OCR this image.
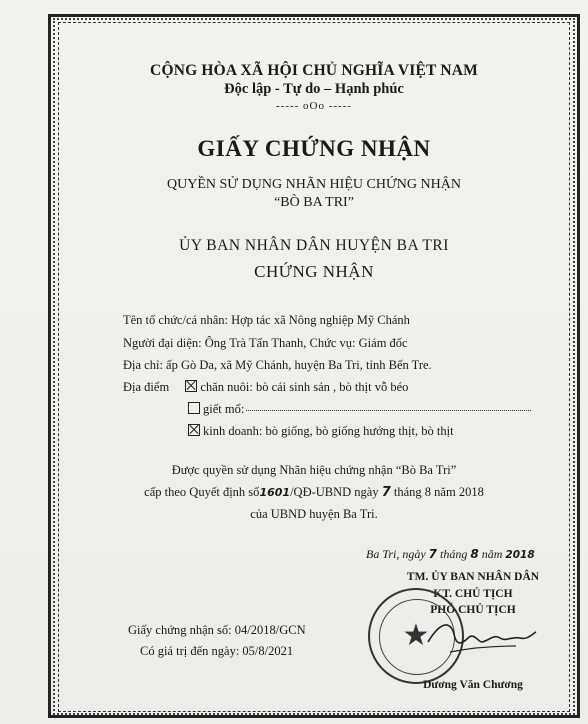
CỘNG HÒA XÃ HỘI CHỦ NGHĨA VIỆT NAM
Độc lập - Tự do – Hạnh phúc
----- oOo -----
GIẤY CHỨNG NHẬN
QUYỀN SỬ DỤNG NHÃN HIỆU CHỨNG NHẬN
“BÒ BA TRI”
ỦY BAN NHÂN DÂN HUYỆN BA TRI
CHỨNG NHẬN
Tên tổ chức/cá nhân: Hợp tác xã Nông nghiệp Mỹ Chánh
Người đại diện: Ông Trà Tấn Thanh, Chức vụ: Giám đốc
Địa chỉ: ấp Gò Da, xã Mỹ Chánh, huyện Ba Tri, tỉnh Bến Tre.
Địa điểm	chăn nuôi: bò cái sinh sản , bò thịt vỗ béo
giết mổ:
kinh doanh: bò giống, bò giống hướng thịt, bò thịt
Được quyền sử dụng Nhãn hiệu chứng nhận “Bò Ba Tri”
cấp theo Quyết định số1601/QĐ-UBND ngày 7 tháng 8 năm 2018
của UBND huyện Ba Tri.
Ba Tri, ngày 7 tháng 8 năm 2018
TM. ỦY BAN NHÂN DÂN
KT. CHỦ TỊCH
PHÓ CHỦ TỊCH
★
Dương Văn Chương
Giấy chứng nhận số: 04/2018/GCN
Có giá trị đến ngày: 05/8/2021
